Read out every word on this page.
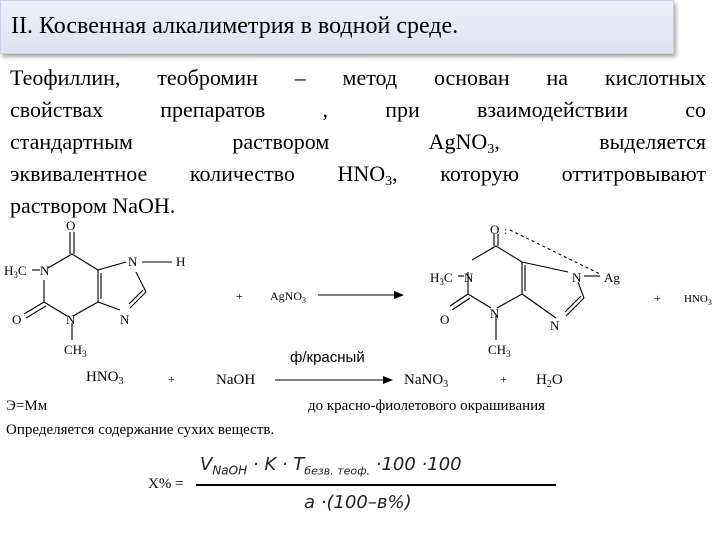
II. Косвенная алкалиметрия в водной среде.
Теофиллин, теобромин – метод основан на кислотных
свойствах препаратов , при взаимодействии со
стандартным раствором AgNO$_3$, выделяется
эквивалентное количество $HNO_3$, которую оттитровывают
раствором NaOH.
O
$H_3C$ N
N	H
O	N	N
$CH_3$
+ AgNO$_3$
O :
$H_3C$ N	N Ag
O	N
N
$CH_3$
+ $HNO_3$
ф/красный
$HNO_3$	+	NaOH	NaNO$_3$	+ $H_2O$
Э=Мм	до красно-фиолетового окрашивания
Определяется содержание сухих веществ.
Х% =
$V_{NaOH} \cdot K \cdot T_{безв. теоф.} \cdot 100 \cdot 100$
a ·(100–в%)
